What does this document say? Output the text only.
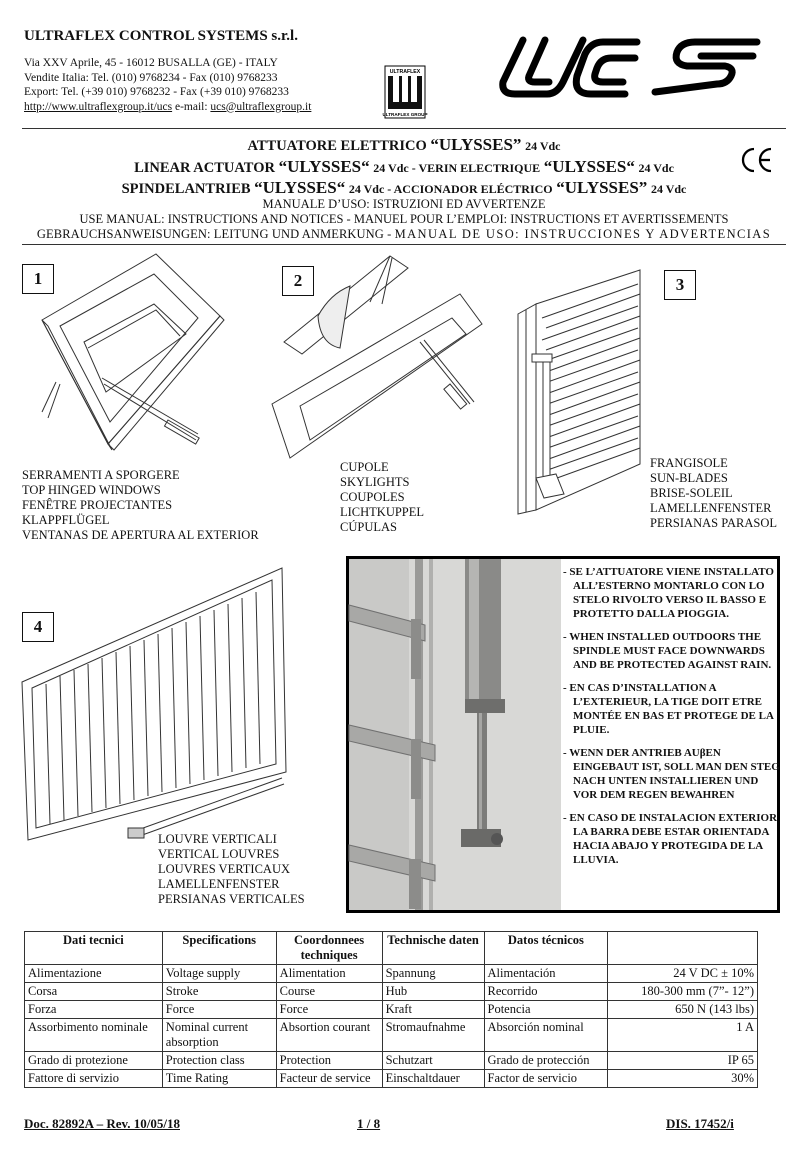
ULTRAFLEX CONTROL SYSTEMS s.r.l.
Via XXV Aprile, 45 - 16012 BUSALLA (GE) - ITALY
Vendite Italia: Tel. (010) 9768234 - Fax (010) 9768233
Export: Tel. (+39 010) 9768232 - Fax (+39 010) 9768233
http://www.ultraflexgroup.it/ucs e-mail: ucs@ultraflexgroup.it
ULTRAFLEX
ULTRAFLEX GROUP
ATTUATORE ELETTRICO “ULYSSES” 24 Vdc
LINEAR ACTUATOR “ULYSSES“ 24 Vdc - VERIN ELECTRIQUE “ULYSSES“ 24 Vdc
SPINDELANTRIEB “ULYSSES“ 24 Vdc - ACCIONADOR ELÉCTRICO “ULYSSES” 24 Vdc
MANUALE D’USO: ISTRUZIONI ED AVVERTENZE
USE MANUAL: INSTRUCTIONS AND NOTICES - MANUEL POUR L’EMPLOI: INSTRUCTIONS ET AVERTISSEMENTS
GEBRAUCHSANWEISUNGEN: LEITUNG UND ANMERKUNG - MANUAL DE USO: INSTRUCCIONES Y ADVERTENCIAS
1
SERRAMENTI A SPORGERE
TOP HINGED WINDOWS
FENÊTRE PROJECTANTES
KLAPPFLÜGEL
VENTANAS DE APERTURA AL EXTERIOR
2
CUPOLE
SKYLIGHTS
COUPOLES
LICHTKUPPEL
CÚPULAS
3
FRANGISOLE
SUN-BLADES
BRISE-SOLEIL
LAMELLENFENSTER
PERSIANAS PARASOL
4
LOUVRE VERTICALI
VERTICAL LOUVRES
LOUVRES VERTICAUX
LAMELLENFENSTER
PERSIANAS VERTICALES

- SE L’ATTUATORE VIENE INSTALLATO ALL’ESTERNO MONTARLO CON LO STELO RIVOLTO VERSO IL BASSO E PROTETTO DALLA PIOGGIA.

- WHEN INSTALLED OUTDOORS THE SPINDLE MUST FACE DOWNWARDS AND BE PROTECTED AGAINST RAIN.

- EN CAS D’INSTALLATION A L’EXTERIEUR, LA TIGE DOIT ETRE MONTÉE EN BAS ET PROTEGE DE LA PLUIE.

- WENN DER ANTRIEB AUβEN EINGEBAUT IST, SOLL MAN DEN STEG NACH UNTEN INSTALLIEREN UND VOR DEM REGEN BEWAHREN

- EN CASO DE INSTALACION EXTERIOR LA BARRA DEBE ESTAR ORIENTADA HACIA ABAJO Y PROTEGIDA DE LA LLUVIA.

Dati tecnici	Specifications	Coordonnees techniques	Technische daten	Datos técnicos	
Alimentazione	Voltage supply	Alimentation	Spannung	Alimentación	24 V DC ± 10%
Corsa	Stroke	Course	Hub	Recorrido	180-300 mm (7”- 12”)
Forza	Force	Force	Kraft	Potencia	650 N (143 lbs)
Assorbimento nominale	Nominal current absorption	Absortion courant	Stromaufnahme	Absorción nominal	1 A
Grado di protezione	Protection class	Protection	Schutzart	Grado de protección	IP 65
Fattore di servizio	Time Rating	Facteur de service	Einschaltdauer	Factor de servicio	30%
Doc. 82892A – Rev. 10/05/18	1 / 8	DIS. 17452/i
